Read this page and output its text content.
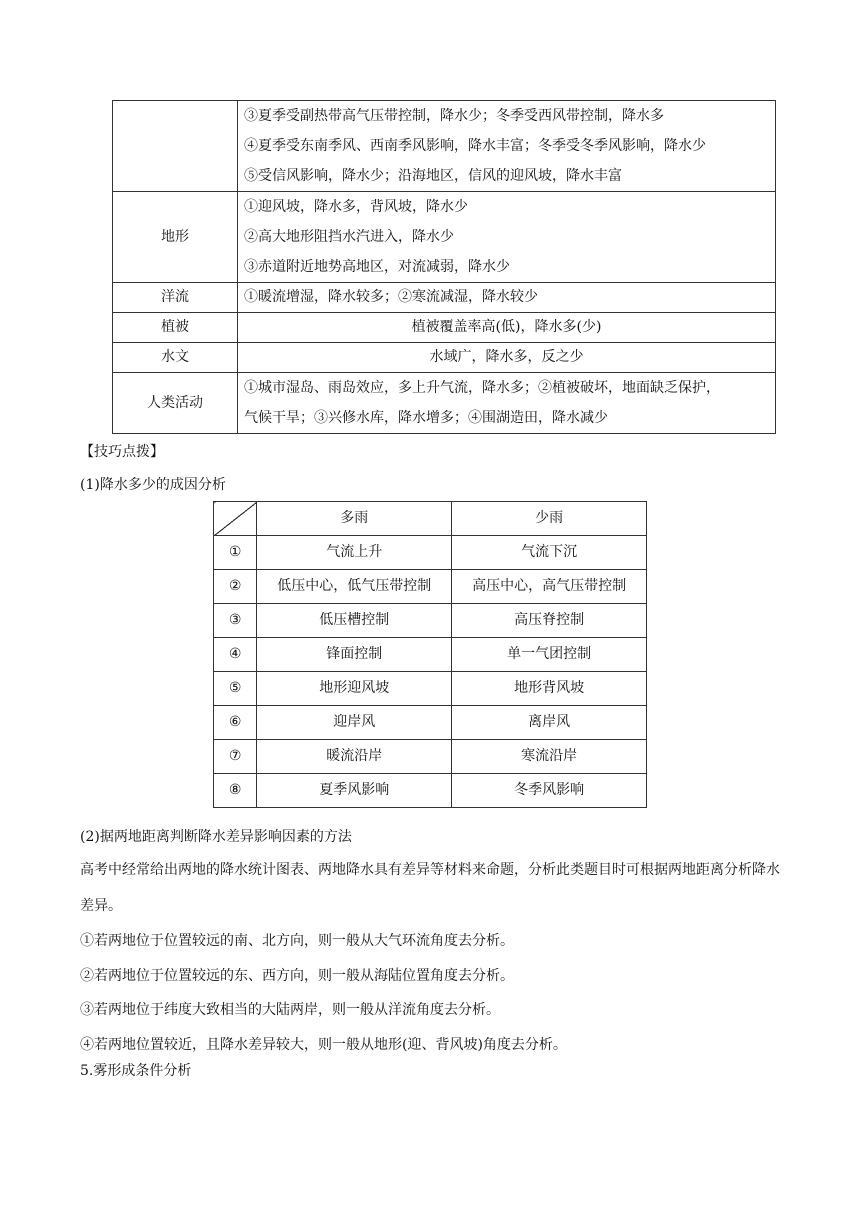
	③夏季受副热带高气压带控制，降水少；冬季受西风带控制，降水多
④夏季受东南季风、西南季风影响，降水丰富；冬季受冬季风影响，降水少
⑤受信风影响，降水少；沿海地区，信风的迎风坡，降水丰富

地形	①迎风坡，降水多，背风坡，降水少
②高大地形阻挡水汽进入，降水少
③赤道附近地势高地区，对流减弱，降水少

洋流	①暖流增湿，降水较多；②寒流减湿，降水较少
植被	植被覆盖率高(低)，降水多(少)
水文	水域广，降水多，反之少
人类活动	①城市湿岛、雨岛效应，多上升气流，降水多；②植被破坏，地面缺乏保护，
气候干旱；③兴修水库，降水增多；④围湖造田，降水减少
【技巧点拨】
(1)降水多少的成因分析
	多雨	少雨
①	气流上升	气流下沉
②	低压中心，低气压带控制	高压中心，高气压带控制
③	低压槽控制	高压脊控制
④	锋面控制	单一气团控制
⑤	地形迎风坡	地形背风坡
⑥	迎岸风	离岸风
⑦	暖流沿岸	寒流沿岸
⑧	夏季风影响	冬季风影响
(2)据两地距离判断降水差异影响因素的方法
高考中经常给出两地的降水统计图表、两地降水具有差异等材料来命题，分析此类题目时可根据两地距离分析降水差异。
①若两地位于位置较远的南、北方向，则一般从大气环流角度去分析。
②若两地位于位置较远的东、西方向，则一般从海陆位置角度去分析。
③若两地位于纬度大致相当的大陆两岸，则一般从洋流角度去分析。
④若两地位置较近，且降水差异较大，则一般从地形(迎、背风坡)角度去分析。
5.雾形成条件分析
